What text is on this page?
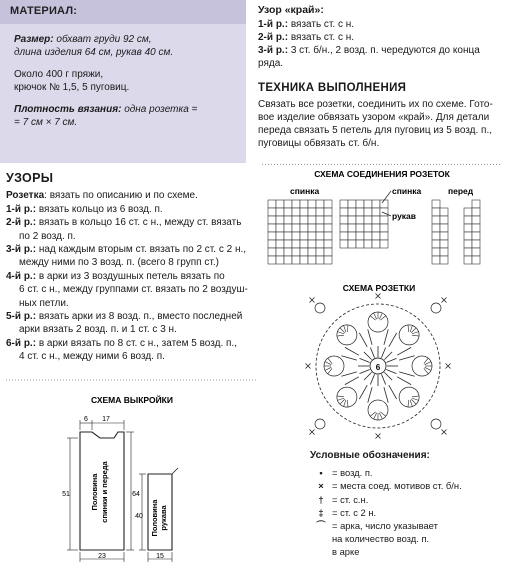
МАТЕРИАЛ:

Размер: обхват груди 92 см,
длина изделия 64 см, рукав 40 см.

Около 400 г пряжи,
крючок № 1,5, 5 пуговиц.

Плотность вязания: одна розетка =
= 7 см × 7 см.

УЗОРЫ

Розетка: вязать по описанию и по схеме.

1-й р.: вязать кольцо из 6 возд. п.

2-й р.: вязать в кольцо 16 ст. с н., между ст. вязать

по 2 возд. п.

3-й р.: над каждым вторым ст. вязать по 2 ст. с 2 н.,

между ними по 3 возд. п. (всего 8 групп ст.)

4-й р.: в арки из 3 воздушных петель вязать по

6 ст. с н., между группами ст. вязать по 2 воздуш-

ных петли.

5-й р.: вязать арки из 8 возд. п., вместо последней

арки вязать 2 возд. п. и 1 ст. с 3 н.

6-й р.: в арки вязать по 8 ст. с н., затем 5 возд. п.,

4 ст. с н., между ними 6 возд. п.

Узор «край»:

1-й р.: вязать ст. с н.

2-й р.: вязать ст. с н.

3-й р.: 3 ст. б/н., 2 возд. п. чередуются до конца ряда.

ТЕХНИКА ВЫПОЛНЕНИЯ

Связать все розетки, соединить их по схеме. Гото-

вое изделие обвязать узором «край». Для детали

переда связать 5 петель для пуговиц из 5 возд. п.,

пуговицы обвязать ст. б/н.

СХЕМА СОЕДИНЕНИЯ РОЗЕТОК
спинка	спинка
рукав
перед
СХЕМА РОЗЕТКИ
6
СХЕМА ВЫКРОЙКИ
6 17
51	64
23
Половина спинки и переда	40
15
Половина рукава
Условные обозначения:
• = возд. п.
× = места соед. мотивов ст. б/н.
† = ст. с.н.
‡ = ст. с 2 н.
⌒ = арка, число указывает
на количество возд. п.
в арке
